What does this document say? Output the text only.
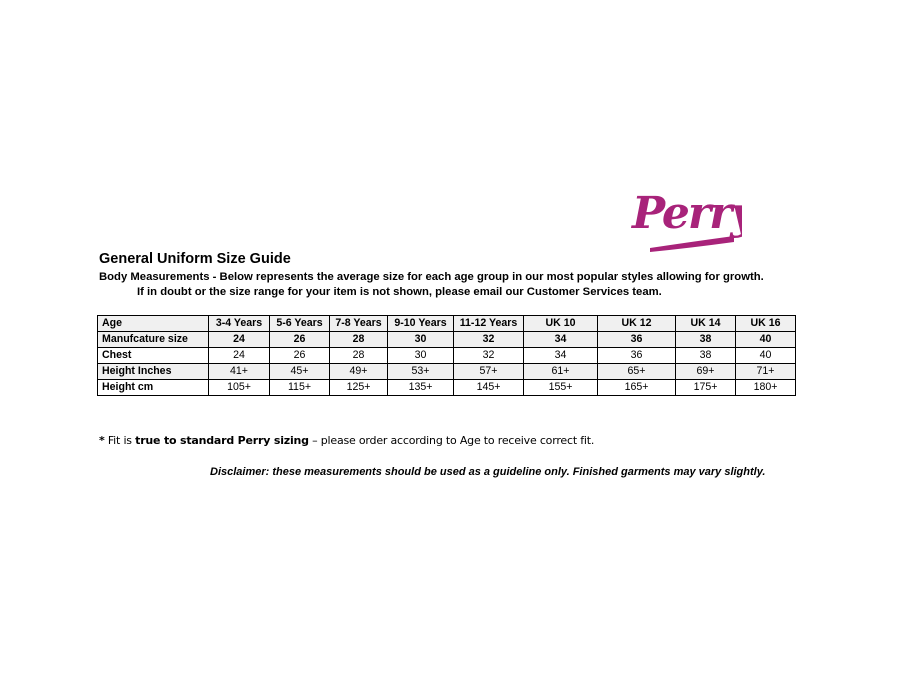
Perry
General Uniform Size Guide
Body Measurements - Below represents the average size for each age group in our most popular styles allowing for growth.
If in doubt or the size range for your item is not shown, please email our Customer Services team.
Age	3-4 Years	5-6 Years	7-8 Years	9-10 Years	11-12 Years	UK 10	UK 12	UK 14	UK 16
Manufcature size	24	26	28	30	32	34	36	38	40
Chest	24	26	28	30	32	34	36	38	40
Height Inches	41+	45+	49+	53+	57+	61+	65+	69+	71+
Height cm	105+	115+	125+	135+	145+	155+	165+	175+	180+
* Fit is true to standard Perry sizing – please order according to Age to receive correct fit.
Disclaimer: these measurements should be used as a guideline only. Finished garments may vary slightly.
